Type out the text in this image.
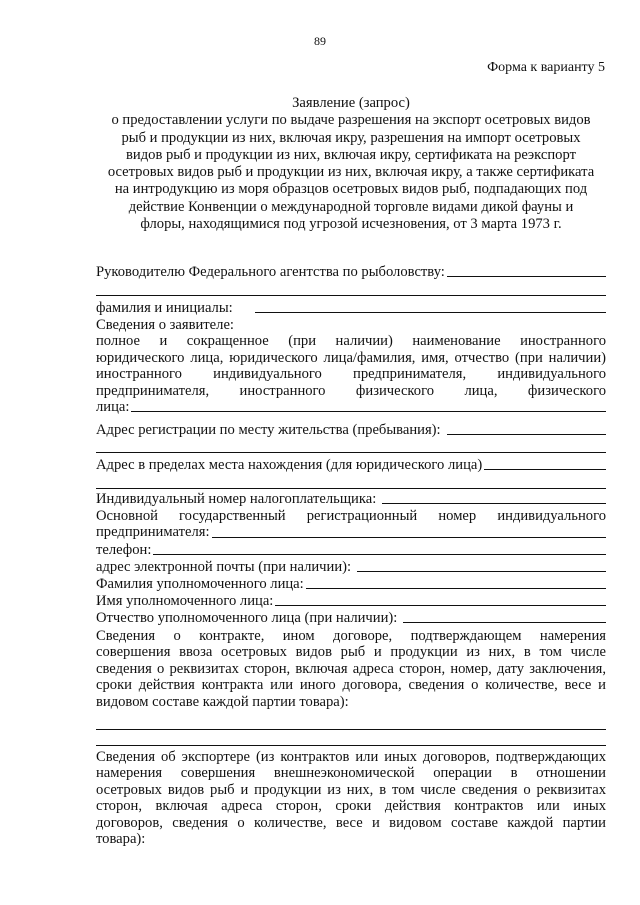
89
Форма к варианту 5
Заявление (запрос)
о предоставлении услуги по выдаче разрешения на экспорт осетровых видов
рыб и продукции из них, включая икру, разрешения на импорт осетровых
видов рыб и продукции из них, включая икру, сертификата на реэкспорт
осетровых видов рыб и продукции из них, включая икру, а также сертификата
на интродукцию из моря образцов осетровых видов рыб, подпадающих под
действие Конвенции о международной торговле видами дикой фауны и
флоры, находящимися под угрозой исчезновения, от 3 марта 1973 г.
Руководителю Федерального агентства по рыболовству:
фамилия и инициалы:
Сведения о заявителе:
полное и сокращенное (при наличии) наименование иностранного
юридического лица, юридического лица/фамилия, имя, отчество (при наличии)
иностранного индивидуального предпринимателя, индивидуального
предпринимателя, иностранного физического лица, физического
лица:
Адрес регистрации по месту жительства (пребывания):
Адрес в пределах места нахождения (для юридического лица)
Индивидуальный номер налогоплательщика:
Основной государственный регистрационный номер индивидуального
предпринимателя:
телефон:
адрес электронной почты (при наличии):
Фамилия уполномоченного лица:
Имя уполномоченного лица:
Отчество уполномоченного лица (при наличии):
Сведения о контракте, ином договоре, подтверждающем намерения
совершения ввоза осетровых видов рыб и продукции из них, в том числе
сведения о реквизитах сторон, включая адреса сторон, номер, дату заключения,
сроки действия контракта или иного договора, сведения о количестве, весе и
видовом составе каждой партии товара):
Сведения об экспортере (из контрактов или иных договоров, подтверждающих
намерения совершения внешнеэкономической операции в отношении
осетровых видов рыб и продукции из них, в том числе сведения о реквизитах
сторон, включая адреса сторон, сроки действия контрактов или иных
договоров, сведения о количестве, весе и видовом составе каждой партии
товара):
